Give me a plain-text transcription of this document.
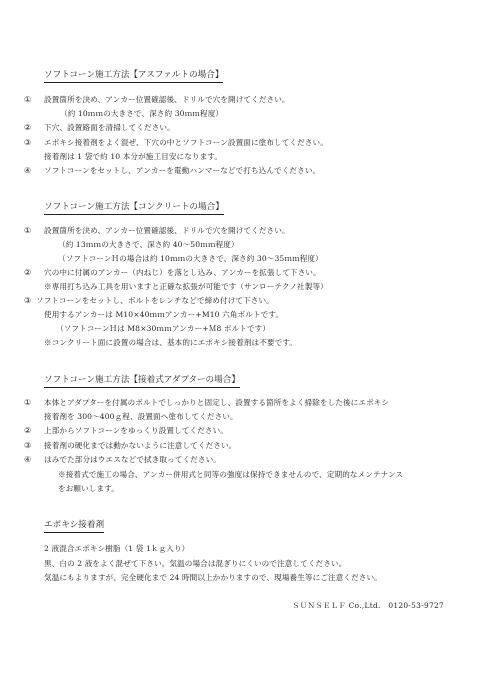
ソフトコーン施工方法【アスファルトの場合】
① 設置箇所を決め、アンカー位置確認後、ドリルで穴を開けてください。
（約 10ｍｍの大きさで、深さ約 30ｍｍ程度）
② 下穴、設置路面を清掃してください。
③ エポキシ接着剤をよく混ぜ、下穴の中とソフトコーン設置面に塗布してください。
接着剤は 1 袋で約 10 本分が施工目安になります。
④ ソフトコーンをセットし、アンカーを電動ハンマーなどで打ち込んでください。
ソフトコーン施工方法【コンクリートの場合】
① 設置箇所を決め、アンカー位置確認後、ドリルで穴を開けてください。
（約 13ｍｍの大きさで、深さ約 40～50ｍｍ程度）
（ソフトコーンＨの場合は約 10ｍｍの大きさで、深さ約 30～35ｍｍ程度）
② 穴の中に付属のアンカー（内ねじ）を落とし込み、アンカーを拡張して下さい。
※専用打ち込み工具を用いますと正確な拡張が可能です（サンローテクノ社製等）
③ ソフトコーンをセットし、ボルトをレンチなどで締め付けて下さい。
使用するアンカーは M10×40ｍｍアンカー+M10 六角ボルトです。
（ソフトコーンＨは M8×30ｍｍアンカー+Ｍ8 ボルトです）
※コンクリート面に設置の場合は、基本的にエポキシ接着剤は不要です。
ソフトコーン施工方法【接着式アダプターの場合】
① 本体とアダプターを付属のボルトでしっかりと固定し、設置する箇所をよく掃除をした後にエポキシ
接着剤を 300～400ｇ程、設置面へ塗布してください。
② 上部からソフトコーンをゆっくり設置してください。
③ 接着剤の硬化までは動かないように注意してください。
④ はみでた部分はウエスなどで拭き取ってください。
※接着式で施工の場合、アンカー併用式と同等の強度は保持できませんので、定期的なメンテナンス
をお願いします。
エポキシ接着剤
2 液混合エポキシ樹脂（1 袋 1ｋｇ入り）
黒、白の 2 液をよく混ぜて下さい。気温の場合は混ぎりにくいので注意してください。
気温にもよりますが、完全硬化まで 24 時間以上かかりますので、現場養生等にご注意ください。
ＳＵＮＳＥＬＦ Co.,Ltd.　0120-53-9727
